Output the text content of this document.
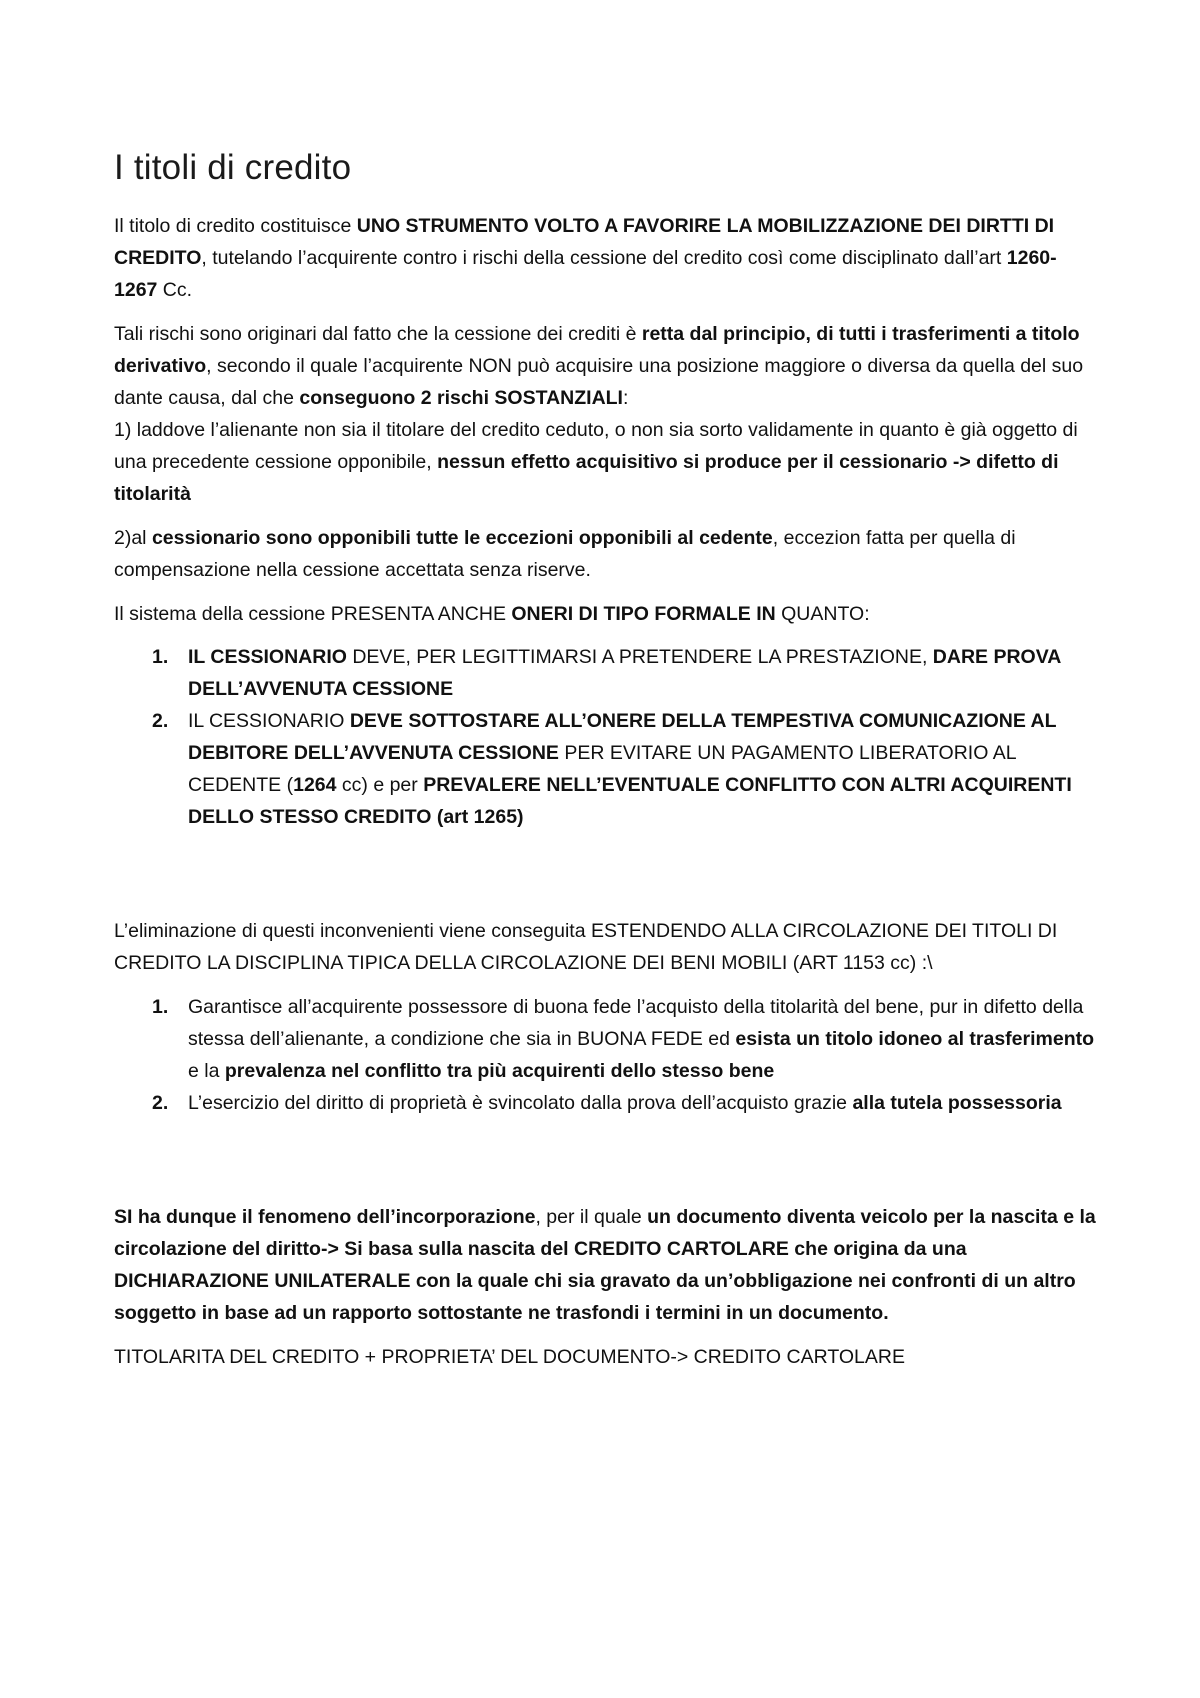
I titoli di credito

Il titolo di credito costituisce UNO STRUMENTO VOLTO A FAVORIRE LA MOBILIZZAZIONE DEI DIRTTI DI CREDITO, tutelando l’acquirente contro i rischi della cessione del credito così come disciplinato dall’art 1260-1267 Cc.

Tali rischi sono originari dal fatto che la cessione dei crediti è retta dal principio, di tutti i trasferimenti a titolo derivativo, secondo il quale l’acquirente NON può acquisire una posizione maggiore o diversa da quella del suo dante causa, dal che conseguono 2 rischi SOSTANZIALI:

1) laddove l’alienante non sia il titolare del credito ceduto, o non sia sorto validamente in quanto è già oggetto di una precedente cessione opponibile, nessun effetto acquisitivo si produce per il cessionario -> difetto di titolarità

2)al cessionario sono opponibili tutte le eccezioni opponibili al cedente, eccezion fatta per quella di compensazione nella cessione accettata senza riserve.

Il sistema della cessione PRESENTA ANCHE ONERI DI TIPO FORMALE IN QUANTO:

1. IL CESSIONARIO DEVE, PER LEGITTIMARSI A PRETENDERE LA PRESTAZIONE, DARE PROVA DELL’AVVENUTA CESSIONE
2. IL CESSIONARIO DEVE SOTTOSTARE ALL’ONERE DELLA TEMPESTIVA COMUNICAZIONE AL DEBITORE DELL’AVVENUTA CESSIONE PER EVITARE UN PAGAMENTO LIBERATORIO AL CEDENTE (1264 cc) e per PREVALERE NELL’EVENTUALE CONFLITTO CON ALTRI ACQUIRENTI DELLO STESSO CREDITO (art 1265)

L’eliminazione di questi inconvenienti viene conseguita ESTENDENDO ALLA CIRCOLAZIONE DEI TITOLI DI CREDITO LA DISCIPLINA TIPICA DELLA CIRCOLAZIONE DEI BENI MOBILI (ART 1153 cc) :\

1. Garantisce all’acquirente possessore di buona fede l’acquisto della titolarità del bene, pur in difetto della stessa dell’alienante, a condizione che sia in BUONA FEDE ed esista un titolo idoneo al trasferimento e la prevalenza nel conflitto tra più acquirenti dello stesso bene
2. L’esercizio del diritto di proprietà è svincolato dalla prova dell’acquisto grazie alla tutela possessoria

SI ha dunque il fenomeno dell’incorporazione, per il quale un documento diventa veicolo per la nascita e la circolazione del diritto-> Si basa sulla nascita del CREDITO CARTOLARE che origina da una DICHIARAZIONE UNILATERALE con la quale chi sia gravato da un’obbligazione nei confronti di un altro soggetto in base ad un rapporto sottostante ne trasfondi i termini in un documento.

TITOLARITA DEL CREDITO + PROPRIETA’ DEL DOCUMENTO-> CREDITO CARTOLARE
